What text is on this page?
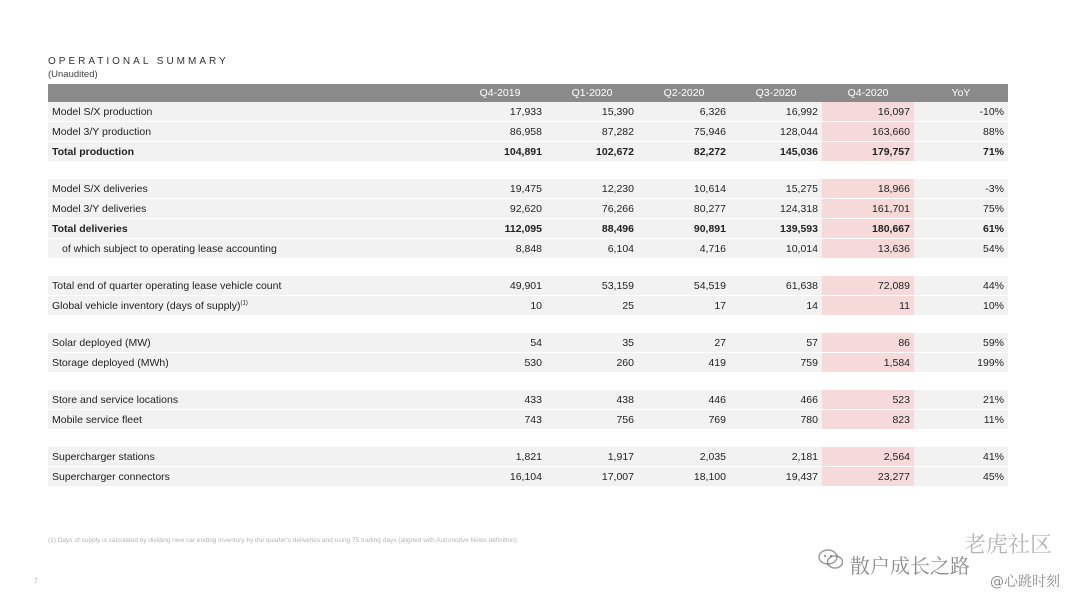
OPERATIONAL SUMMARY
(Unaudited)
	Q4-2019	Q1-2020	Q2-2020	Q3-2020	Q4-2020	YoY
Model S/X production	17,933	15,390	6,326	16,992	16,097	-10%
Model 3/Y production	86,958	87,282	75,946	128,044	163,660	88%
Total production	104,891	102,672	82,272	145,036	179,757	71%

Model S/X deliveries	19,475	12,230	10,614	15,275	18,966	-3%
Model 3/Y deliveries	92,620	76,266	80,277	124,318	161,701	75%
Total deliveries	112,095	88,496	90,891	139,593	180,667	61%
of which subject to operating lease accounting	8,848	6,104	4,716	10,014	13,636	54%

Total end of quarter operating lease vehicle count	49,901	53,159	54,519	61,638	72,089	44%
Global vehicle inventory (days of supply)$^{(1)}$	10	25	17	14	11	10%

Solar deployed (MW)	54	35	27	57	86	59%
Storage deployed (MWh)	530	260	419	759	1,584	199%

Store and service locations	433	438	446	466	523	21%
Mobile service fleet	743	756	769	780	823	11%

Supercharger stations	1,821	1,917	2,035	2,181	2,564	41%
Supercharger connectors	16,104	17,007	18,100	19,437	23,277	45%
(1) Days of supply is calculated by dividing new car ending inventory by the quarter's deliveries and using 75 trading days (aligned with Automotive News definition).
7
老虎社区
散户成长之路
@心跳时刻
